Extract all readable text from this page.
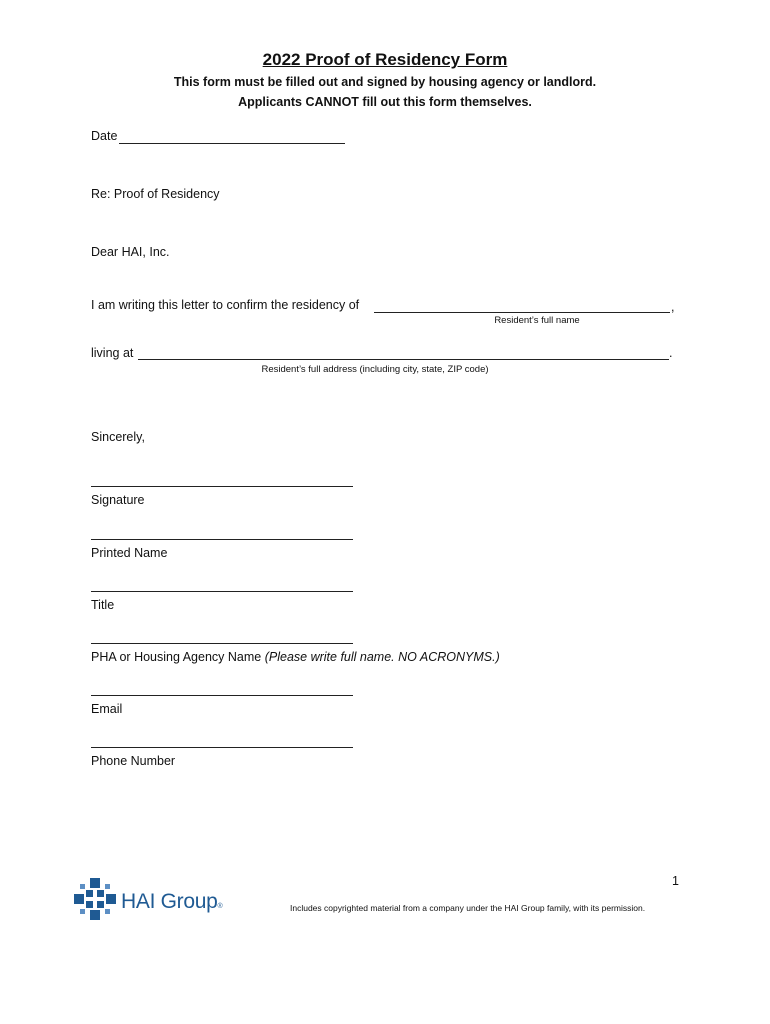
2022 Proof of Residency Form
This form must be filled out and signed by housing agency or landlord.
Applicants CANNOT fill out this form themselves.
Date
Re: Proof of Residency
Dear HAI, Inc.
I am writing this letter to confirm the residency of	,
Resident’s full name
living at	.
Resident’s full address (including city, state, ZIP code)
Sincerely,
Signature
Printed Name
Title
PHA or Housing Agency Name (Please write full name. NO ACRONYMS.)
Email
Phone Number
1
HAI Group®	Includes copyrighted material from a company under the HAI Group family, with its permission.
